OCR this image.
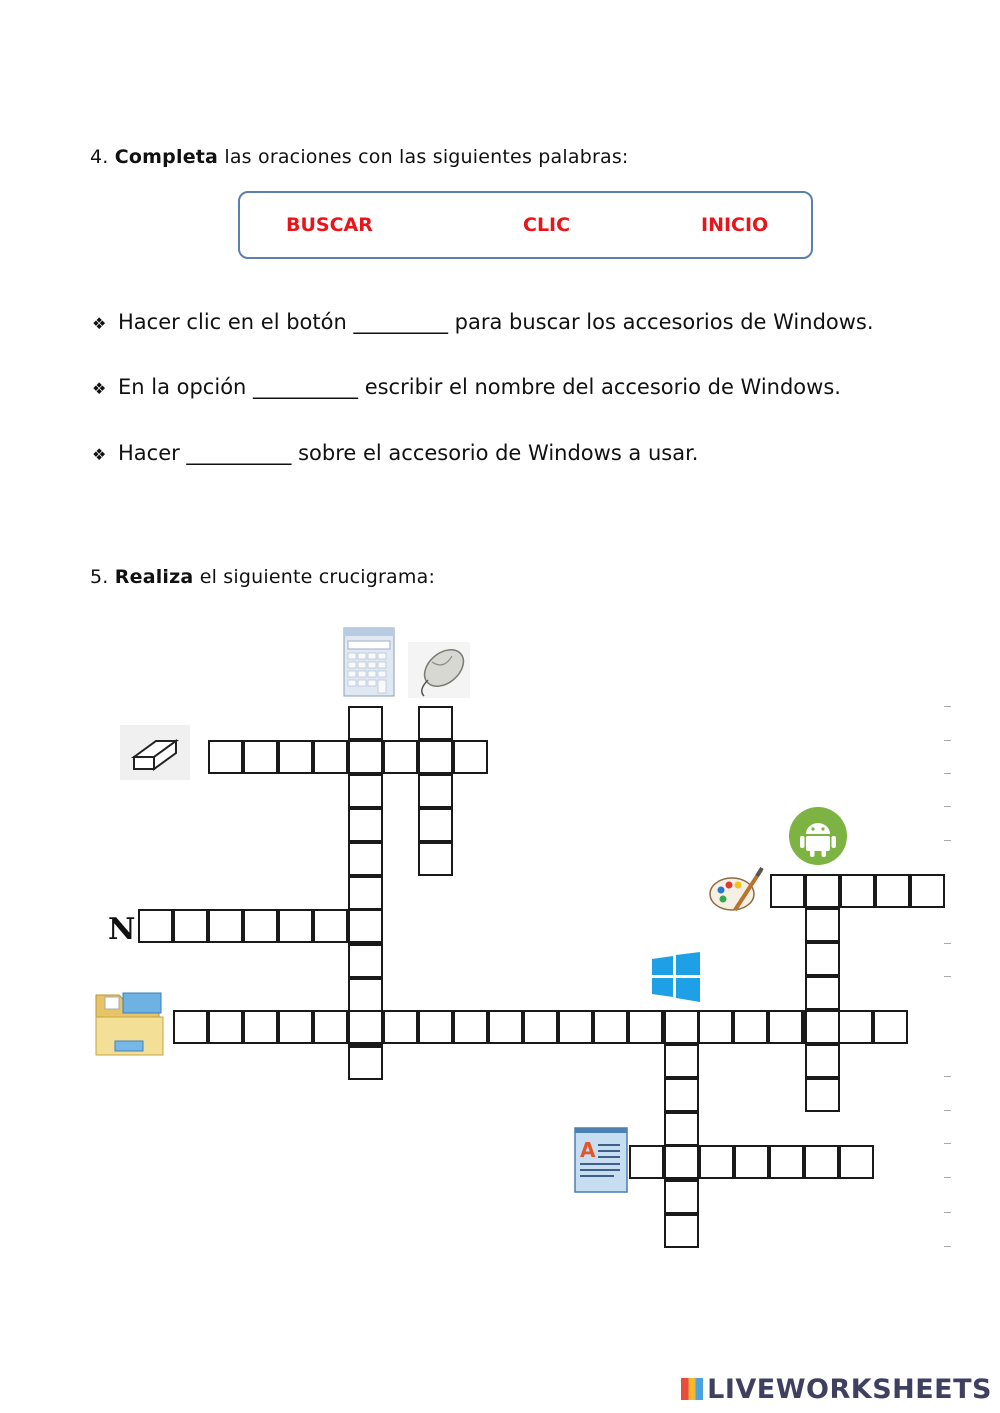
4. Completa las oraciones con las siguientes palabras:
BUSCAR	CLIC	INICIO
❖ Hacer clic en el botón _________ para buscar los accesorios de Windows.
❖ En la opción __________ escribir el nombre del accesorio de Windows.
❖ Hacer __________ sobre el accesorio de Windows a usar.
5. Realiza el siguiente crucigrama:
N
A
LIVEWORKSHEETS
